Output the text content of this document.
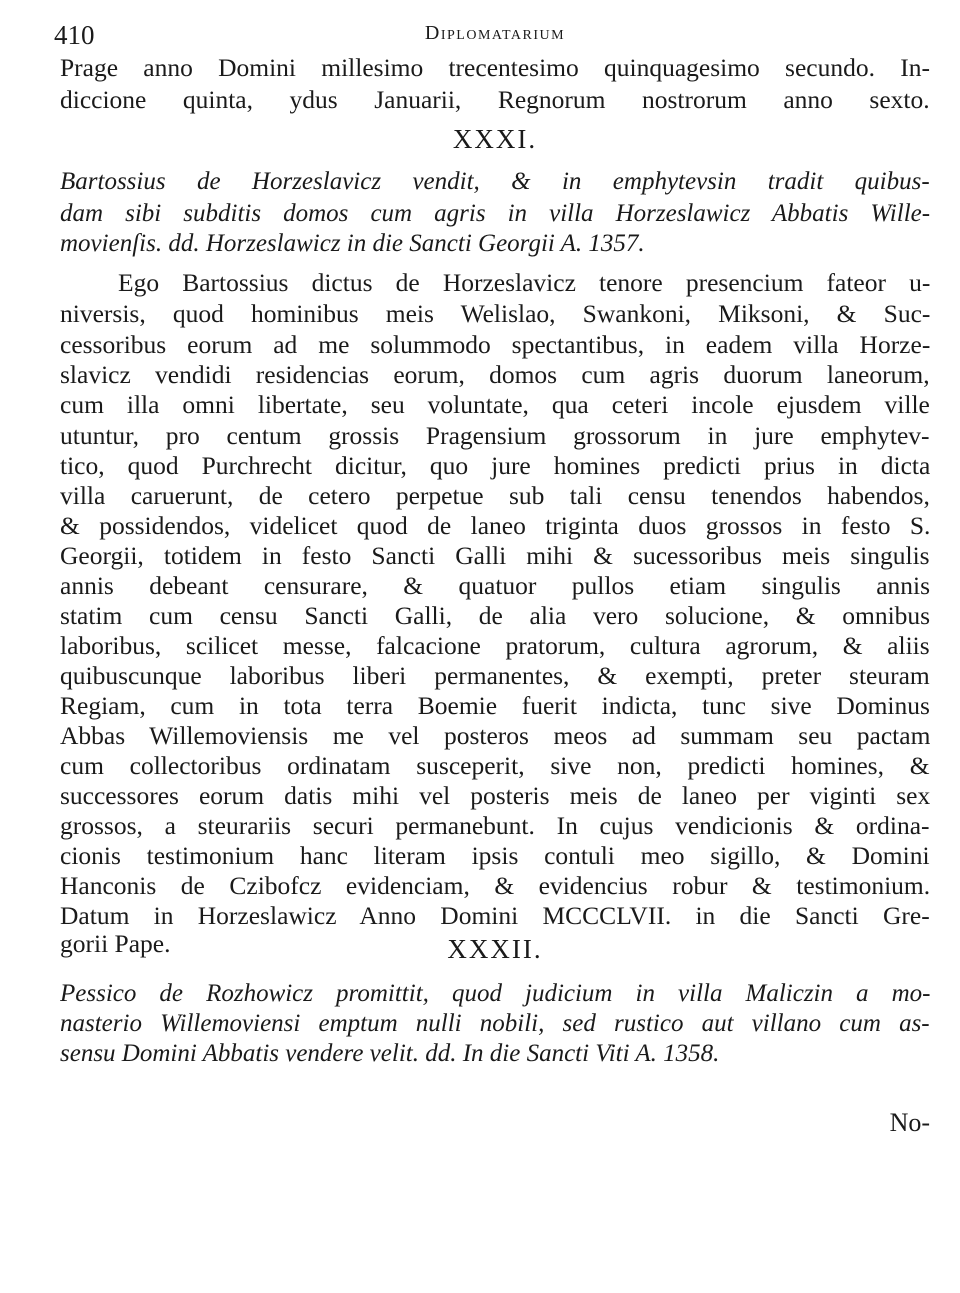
410	Diplomatarium
Prage anno Domini millesimo trecentesimo quinquagesimo secundo. In-
diccione quinta, ydus Januarii, Regnorum nostrorum anno sexto.
XXXI.
Bartossius de Horzeslavicz vendit, & in emphytevsin tradit quibus-
dam sibi subditis domos cum agris in villa Horzeslawicz Abbatis Wille-
movienſis. dd. Horzeslawicz in die Sancti Georgii A. 1357.
Ego Bartossius dictus de Horzeslavicz tenore presencium fateor u-
niversis, quod hominibus meis Welislao, Swankoni, Miksoni, & Suc-
cessoribus eorum ad me solummodo spectantibus, in eadem villa Horze-
slavicz vendidi residencias eorum, domos cum agris duorum laneorum,
cum illa omni libertate, seu voluntate, qua ceteri incole ejusdem ville
utuntur, pro centum grossis Pragensium grossorum in jure emphytev-
tico, quod Purchrecht dicitur, quo jure homines predicti prius in dicta
villa caruerunt, de cetero perpetue sub tali censu tenendos habendos,
& possidendos, videlicet quod de laneo triginta duos grossos in festo S.
Georgii, totidem in festo Sancti Galli mihi & sucessoribus meis singulis
annis debeant censurare, & quatuor pullos etiam singulis annis
statim cum censu Sancti Galli, de alia vero solucione, & omnibus
laboribus, scilicet messe, falcacione pratorum, cultura agrorum, & aliis
quibuscunque laboribus liberi permanentes, & exempti, preter steuram
Regiam, cum in tota terra Boemie fuerit indicta, tunc sive Dominus
Abbas Willemoviensis me vel posteros meos ad summam seu pactam
cum collectoribus ordinatam susceperit, sive non, predicti homines, &
successores eorum datis mihi vel posteris meis de laneo per viginti sex
grossos, a steurariis securi permanebunt. In cujus vendicionis & ordina-
cionis testimonium hanc literam ipsis contuli meo sigillo, & Domini
Hanconis de Czibofcz evidenciam, & evidencius robur & testimonium.
Datum in Horzeslawicz Anno Domini MCCCLVII. in die Sancti Gre-
gorii Pape.	XXXII.
Pessico de Rozhowicz promittit, quod judicium in villa Maliczin a mo-
nasterio Willemoviensi emptum nulli nobili, sed rustico aut villano cum as-
sensu Domini Abbatis vendere velit. dd. In die Sancti Viti A. 1358.
No-
